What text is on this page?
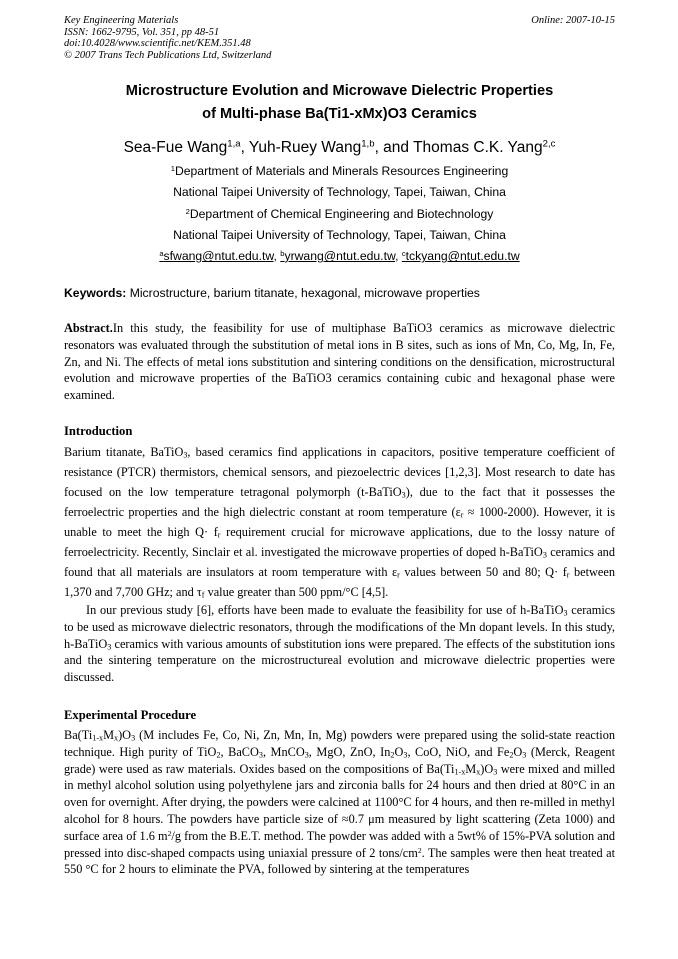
Key Engineering Materials
ISSN: 1662-9795, Vol. 351, pp 48-51
doi:10.4028/www.scientific.net/KEM.351.48
© 2007 Trans Tech Publications Ltd, Switzerland
Online: 2007-10-15
Microstructure Evolution and Microwave Dielectric Properties
of Multi-phase Ba(Ti1-xMx)O3 Ceramics
Sea-Fue Wang$^{1,a}$, Yuh-Ruey Wang$^{1,b}$, and Thomas C.K. Yang$^{2,c}$
$^1$Department of Materials and Minerals Resources Engineering
National Taipei University of Technology, Tapei, Taiwan, China
$^2$Department of Chemical Engineering and Biotechnology
National Taipei University of Technology, Tapei, Taiwan, China
$^a$sfwang@ntut.edu.tw, $^b$yrwang@ntut.edu.tw, $^c$tckyang@ntut.edu.tw
Keywords: Microstructure, barium titanate, hexagonal, microwave properties
Abstract.In this study, the feasibility for use of multiphase BaTiO3 ceramics as microwave dielectric resonators was evaluated through the substitution of metal ions in B sites, such as ions of Mn, Co, Mg, In, Fe, Zn, and Ni. The effects of metal ions substitution and sintering conditions on the densification, microstructural evolution and microwave properties of the BaTiO3 ceramics containing cubic and hexagonal phase were examined.
Introduction

Barium titanate, BaTiO$_3$, based ceramics find applications in capacitors, positive temperature coefficient of resistance (PTCR) thermistors, chemical sensors, and piezoelectric devices [1,2,3]. Most research to date has focused on the low temperature tetragonal polymorph (t-BaTiO$_3$), due to the fact that it possesses the ferroelectric properties and the high dielectric constant at room temperature $(\varepsilon_r \approx 1000-2000)$. However, it is unable to meet the high $Q\cdot f_r$ requirement crucial for microwave applications, due to the lossy nature of ferroelectricity. Recently, Sinclair et al. investigated the microwave properties of doped h-BaTiO$_3$ ceramics and found that all materials are insulators at room temperature with $\varepsilon_r$ values between 50 and 80; $Q\cdot f_r$ between 1,370 and 7,700 GHz; and $\tau_f$ value greater than 500 ppm/°C [4,5].

In our previous study [6], efforts have been made to evaluate the feasibility for use of h-BaTiO$_3$ ceramics to be used as microwave dielectric resonators, through the modifications of the Mn dopant levels. In this study, h-BaTiO$_3$ ceramics with various amounts of substitution ions were prepared. The effects of the substitution ions and the sintering temperature on the microstructureal evolution and microwave dielectric properties were discussed.

Experimental Procedure

$Ba(Ti_{1-x}M_x)O_3$ (M includes Fe, Co, Ni, Zn, Mn, In, Mg) powders were prepared using the solid-state reaction technique. High purity of TiO$_2$, BaCO$_3$, MnCO$_3$, MgO, ZnO, $In_2O_3$, CoO, NiO, and $Fe_2O_3$ (Merck, Reagent grade) were used as raw materials. Oxides based on the compositions of $Ba(Ti_{1-x}M_x)O_3$ were mixed and milled in methyl alcohol solution using polyethylene jars and zirconia balls for 24 hours and then dried at 80°C in an oven for overnight. After drying, the powders were calcined at 1100°C for 4 hours, and then re-milled in methyl alcohol for 8 hours. The powders have particle size of ≈0.7 μm measured by light scattering (Zeta 1000) and surface area of 1.6 $m^2/g$ from the B.E.T. method. The powder was added with a 5wt% of 15%-PVA solution and pressed into disc-shaped compacts using uniaxial pressure of 2 tons/$cm^2$. The samples were then heat treated at 550 °C for 2 hours to eliminate the PVA, followed by sintering at the temperatures
